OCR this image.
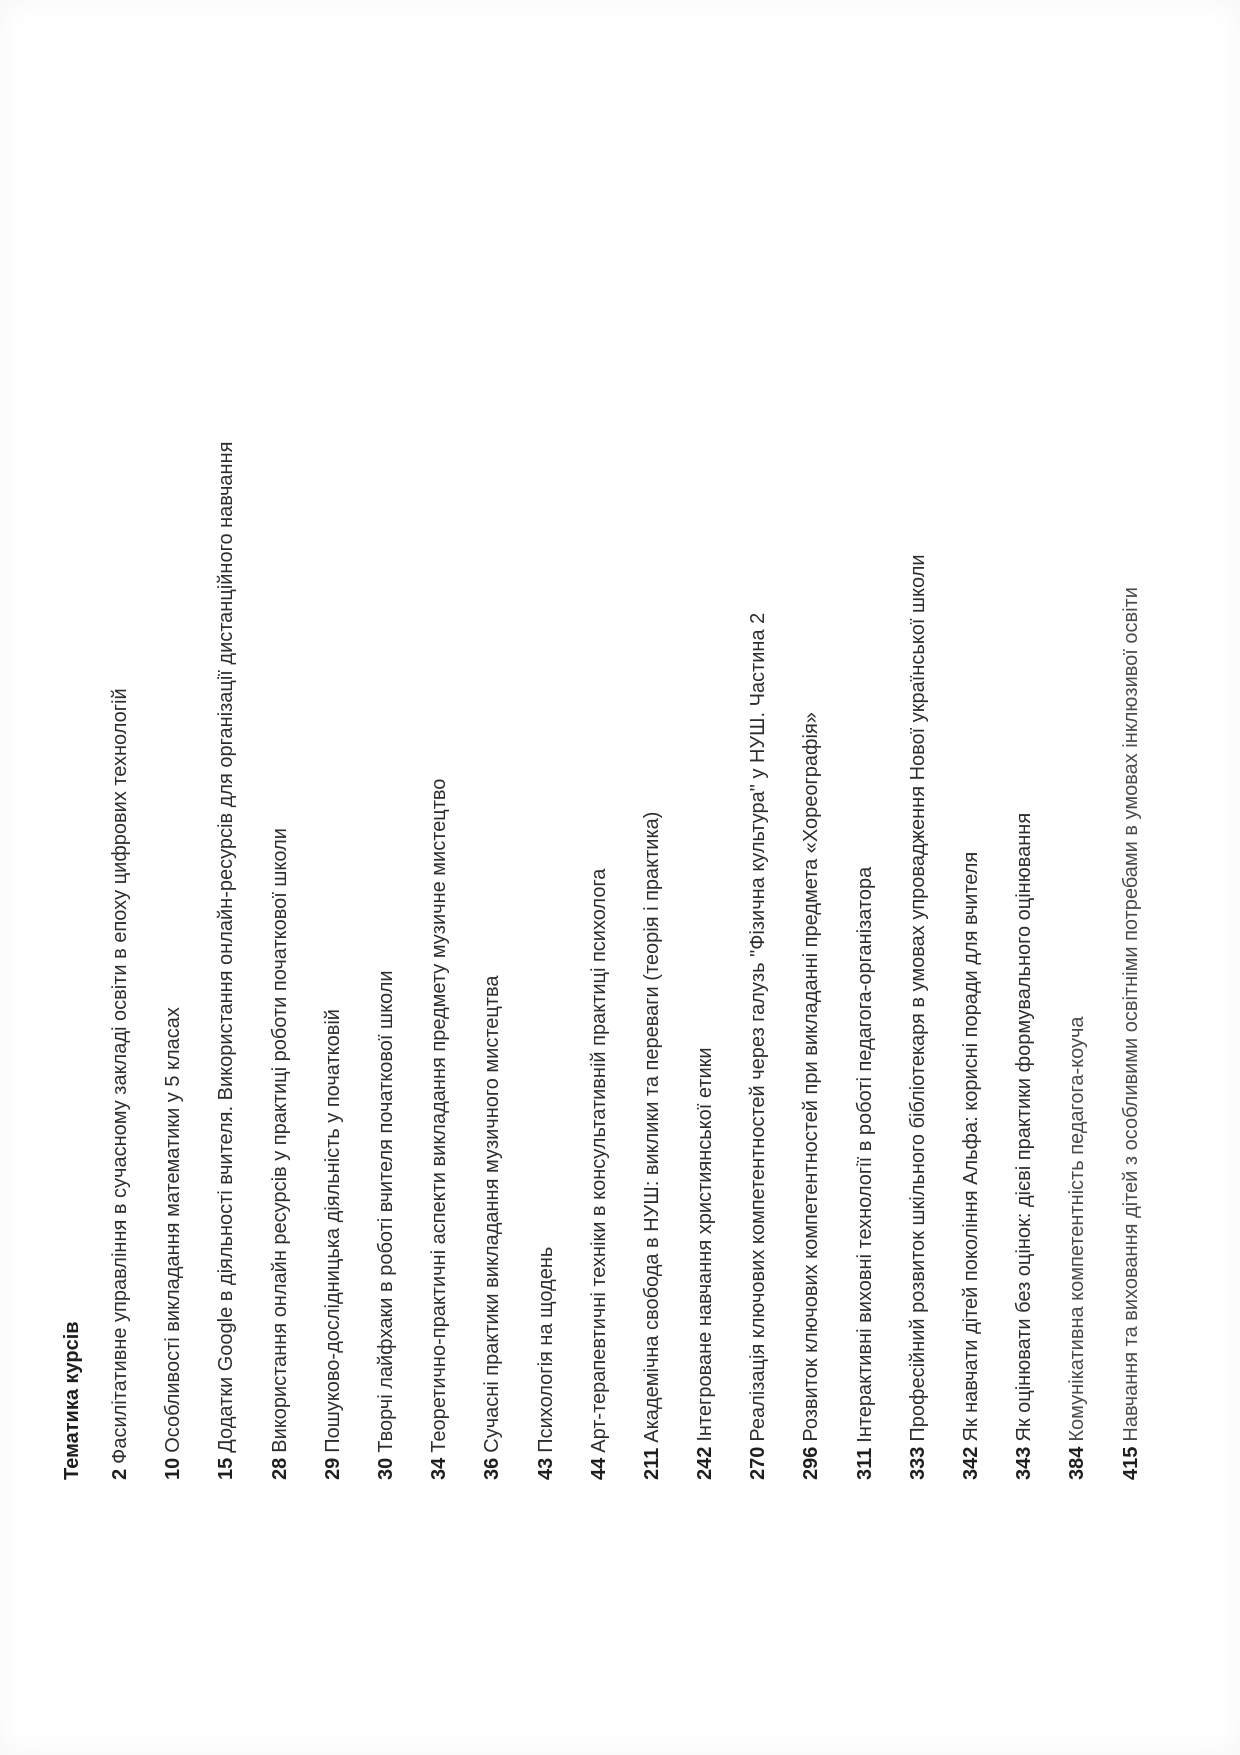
Тематика курсів 2Фасилітативне управління в сучасному закладі освіти в епоху цифрових технологій
10Особливості викладання математики у 5 класах
15Додатки Google в діяльності вчителя. Використання онлайн-ресурсів для організації дистанційного навчання
28Використання онлайн ресурсів у практиці роботи початкової школи
29Пошуково-дослідницька діяльність у початковій
30Творчі лайфхаки в роботі вчителя початкової школи
34Теоретично-практичні аспекти викладання предмету музичне мистецтво
36Сучасні практики викладання музичного мистецтва
43Психологія на щодень
44Арт-терапевтичні техніки в консультативній практиці психолога
211Академічна свобода в НУШ: виклики та переваги (теорія і практика)
242Інтегроване навчання християнської етики
270Реалізація ключових компетентностей через галузь "Фізична культура" у НУШ. Частина 2
296Розвиток ключових компетентностей при викладанні предмета «Хореографія»
311Інтерактивні виховні технології в роботі педагога-організатора
333Професійний розвиток шкільного бібліотекаря в умовах упровадження Нової української школи
342Як навчати дітей покоління Альфа: корисні поради для вчителя
343Як оцінювати без оцінок: дієві практики формувального оцінювання
384Комунікативна компетентність педагога-коуча
415Навчання та виховання дітей з особливими освітніми потребами в умовах інклюзивої освіти
